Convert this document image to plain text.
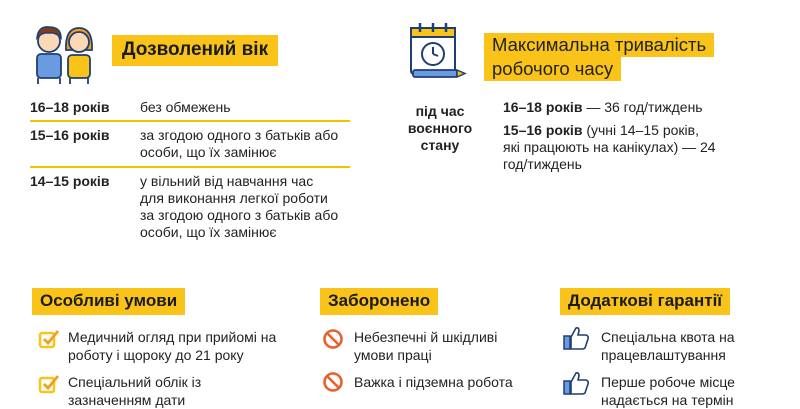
Дозволений вік
16–18 років без обмежень
15–16 років за згодою одного з батьків або особи, що їх замінює
14–15 років у вільний від навчання час для виконання легкої роботи за згодою одного з батьків або особи, що їх замінює
Максимальна тривалість
робочого часу
під час воєнного стану
16–18 років — 36 год/тиждень
15–16 років (учні 14–15 років, які працюють на канікулах) — 24 год/тиждень
Особливі умови	Заборонено	Додаткові гарантії
Медичний огляд при прийомі на роботу і щороку до 21 року
Спеціальний облік із зазначенням дати
Небезпечні й шкідливі умови праці
Важка і підземна робота
Спеціальна квота на працевлаштування
Перше робоче місце надається на термін
